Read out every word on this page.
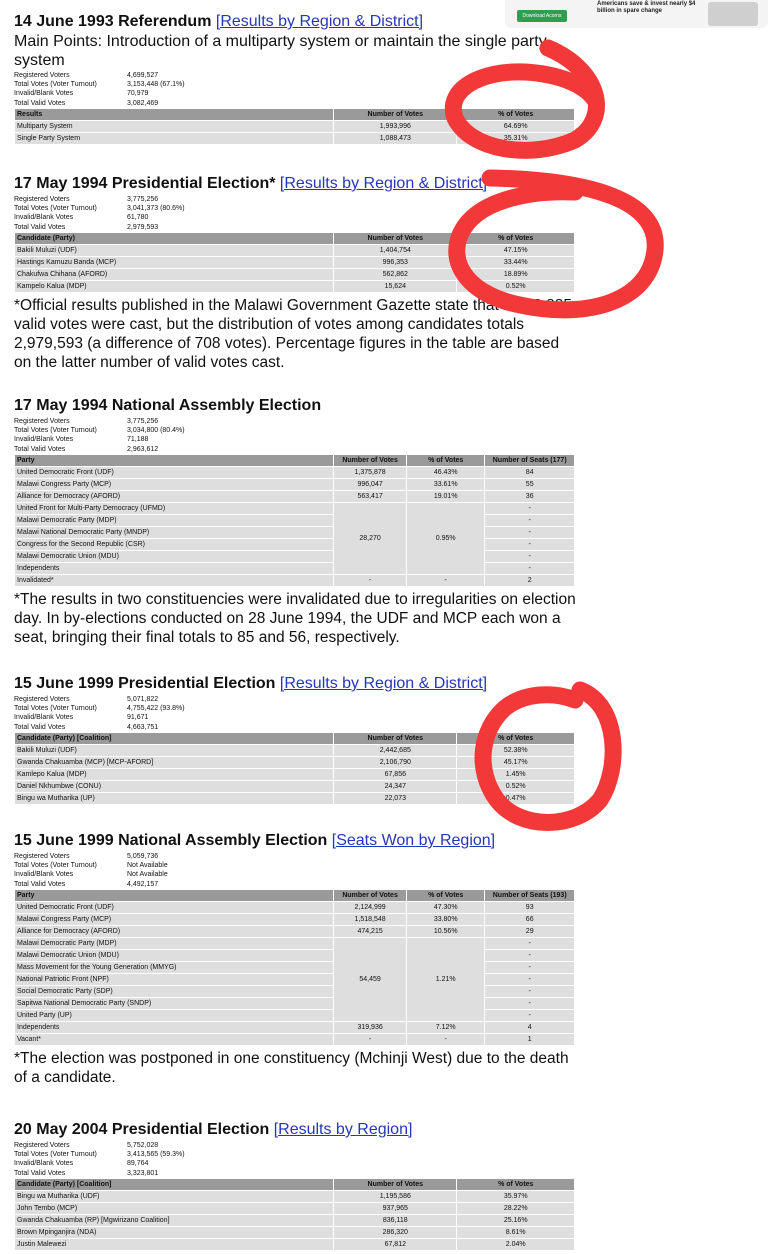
Download Acorns
Americans save & invest nearly $4 billion in spare change
14 June 1993 Referendum [Results by Region & District]

Main Points: Introduction of a multiparty system or maintain the single party system

Registered Voters	4,699,527
Total Votes (Voter Turnout)	3,153,448 (67.1%)
Invalid/Blank Votes	70,979
Total Valid Votes	3,082,469
Results	Number of Votes	% of Votes
Multiparty System	1,993,996	64.69%
Single Party System	1,088,473	35.31%
17 May 1994 Presidential Election* [Results by Region & District]
Registered Voters	3,775,256
Total Votes (Voter Turnout)	3,041,373 (80.6%)
Invalid/Blank Votes	61,780
Total Valid Votes	2,979,593
Candidate (Party)	Number of Votes	% of Votes
Bakili Muluzi (UDF)	1,404,754	47.15%
Hastings Kamuzu Banda (MCP)	996,353	33.44%
Chakufwa Chihana (AFORD)	562,862	18.89%
Kampelo Kalua (MDP)	15,624	0.52%

*Official results published in the Malawi Government Gazette state that 2,978,885 valid votes were cast, but the distribution of votes among candidates totals 2,979,593 (a difference of 708 votes). Percentage figures in the table are based on the latter number of valid votes cast.

17 May 1994 National Assembly Election
Registered Voters	3,775,256
Total Votes (Voter Turnout)	3,034,800 (80.4%)
Invalid/Blank Votes	71,188
Total Valid Votes	2,963,612
Party	Number of Votes	% of Votes	Number of Seats (177)
United Democratic Front (UDF)	1,375,878	46.43%	84
Malawi Congress Party (MCP)	996,047	33.61%	55
Alliance for Democracy (AFORD)	563,417	19.01%	36
United Front for Multi-Party Democracy (UFMD)	28,270	0.95%	-
Malawi Democratic Party (MDP)			-
Malawi National Democratic Party (MNDP)			-
Congress for the Second Republic (CSR)			-
Malawi Democratic Union (MDU)			-
Independents			-
Invalidated*	-	-	2

*The results in two constituencies were invalidated due to irregularities on election day. In by-elections conducted on 28 June 1994, the UDF and MCP each won a seat, bringing their final totals to 85 and 56, respectively.

15 June 1999 Presidential Election [Results by Region & District]
Registered Voters	5,071,822
Total Votes (Voter Turnout)	4,755,422 (93.8%)
Invalid/Blank Votes	91,671
Total Valid Votes	4,663,751
Candidate (Party) [Coalition]	Number of Votes	% of Votes
Bakili Muluzi (UDF)	2,442,685	52.38%
Gwanda Chakuamba (MCP) [MCP-AFORD]	2,106,790	45.17%
Kamlepo Kalua (MDP)	67,856	1.45%
Daniel Nkhumbwe (CONU)	24,347	0.52%
Bingu wa Mutharika (UP)	22,073	0.47%
15 June 1999 National Assembly Election [Seats Won by Region]
Registered Voters	5,059,736
Total Votes (Voter Turnout)	Not Available
Invalid/Blank Votes	Not Available
Total Valid Votes	4,492,157
Party	Number of Votes	% of Votes	Number of Seats (193)
United Democratic Front (UDF)	2,124,999	47.30%	93
Malawi Congress Party (MCP)	1,518,548	33.80%	66
Alliance for Democracy (AFORD)	474,215	10.56%	29
Malawi Democratic Party (MDP)	54,459	1.21%	-
Malawi Democratic Union (MDU)			-
Mass Movement for the Young Generation (MMYG)			-
National Patriotic Front (NPF)			-
Social Democratic Party (SDP)			-
Sapitwa National Democratic Party (SNDP)			-
United Party (UP)			-
Independents	319,936	7.12%	4
Vacant*	-	-	1

*The election was postponed in one constituency (Mchinji West) due to the death of a candidate.

20 May 2004 Presidential Election [Results by Region]
Registered Voters	5,752,028
Total Votes (Voter Turnout)	3,413,565 (59.3%)
Invalid/Blank Votes	89,764
Total Valid Votes	3,323,801
Candidate (Party) [Coalition]	Number of Votes	% of Votes
Bingu wa Mutharika (UDF)	1,195,586	35.97%
John Tembo (MCP)	937,965	28.22%
Gwanda Chakuamba (RP) [Mgwirizano Coalition]	836,118	25.16%
Brown Mpinganjira (NDA)	286,320	8.61%
Justin Malewezi	67,812	2.04%
